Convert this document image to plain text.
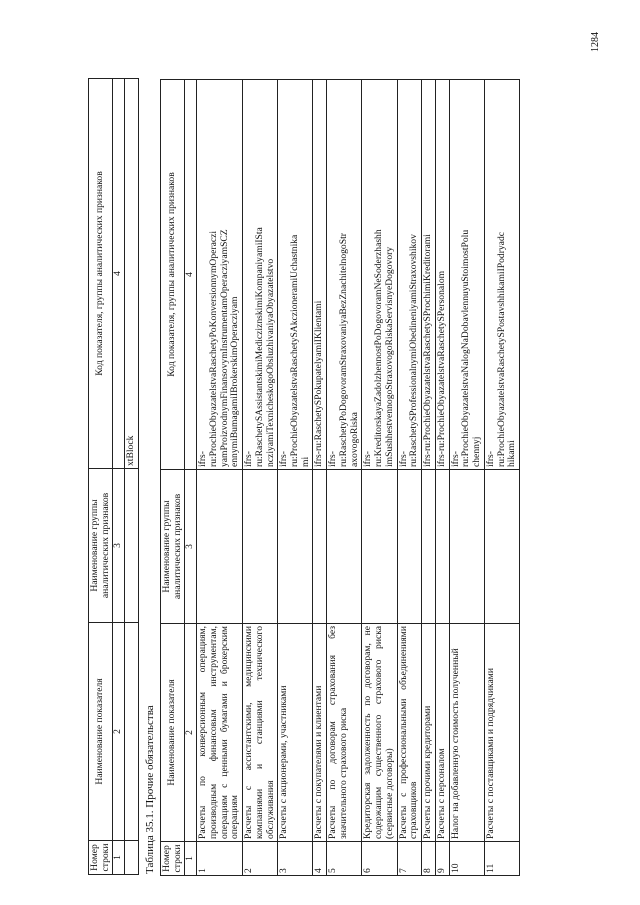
1284
Номер строки	Наименование показателя	Наименование группы аналитических признаков	Код показателя, группы аналитических признаков
1	2	3	4
			xtBlock
Таблица 35.1. Прочие обязательства Номер строки	Наименование показателя	Наименование группы аналитических признаков	Код показателя, группы аналитических признаков
1	2	3	4
1	Расчеты по конверсионным операциям, производным финансовым инструментам, операциям с ценными бумагами и брокерским операциям		ifrs- ru:ProchieObyazatelstvaRaschetyPoKonversionnymOperaczi yamProizvodnymFinansovymInstrumentamOperacziyamSCZ ennymiBumagamiIBrokerskimOperacziyam

2	Расчеты с ассистантскими, медицинскими компаниями и станциями технического обслуживания		ifrs- ru:RaschetySAssistantskimiMedicziznskimiKompaniyamiISta ncziyamiTexnicheskogoObsluzhivaniyaObyazatelstvo

3	Расчеты с акционерами, участниками		ifrs- ru:ProchieObyazatelstvaRaschetySAkczioneramiUchastnika mi

4	Расчеты с покупателями и клиентами		ifrs-ru:RaschetySPokupatelyamiIKlientami

5	Расчеты по договорам страхования без значительного страхового риска		ifrs- ru:RaschetyPoDogovoramStraxovaniyaBezZnachitelnogoStr axovogoRiska

6	Кредиторская задолженность по договорам, не содержащим существенного страхового риска (сервисные договоры)		ifrs- ru:KreditorskayaZadolzhennostPoDogovoramNeSoderzhashh imSushhestvennogoStraxovogoRiskaServisnyeDogovory

7	Расчеты с профессиональными объединениями страховщиков		ifrs- ru:RaschetySProfessionalnymiObedineniyamiStraxovshikov

8	Расчеты с прочими кредиторами		ifrs-ru:ProchieObyazatelstvaRaschetySProchimiKreditorami

9	Расчеты с персоналом		ifrs-ru:ProchieObyazatelstvaRaschetySPersonalom

10	Налог на добавленную стоимость полученный		ifrs- ru:ProchieObyazatelstvaNalogNaDobavlennuyuStoimostPolu chennyj

11	Расчеты с поставщиками и подрядчиками		ifrs- ru:ProchieObyazatelstvaRaschetySPostavshhikamiIPodryadc hikami
